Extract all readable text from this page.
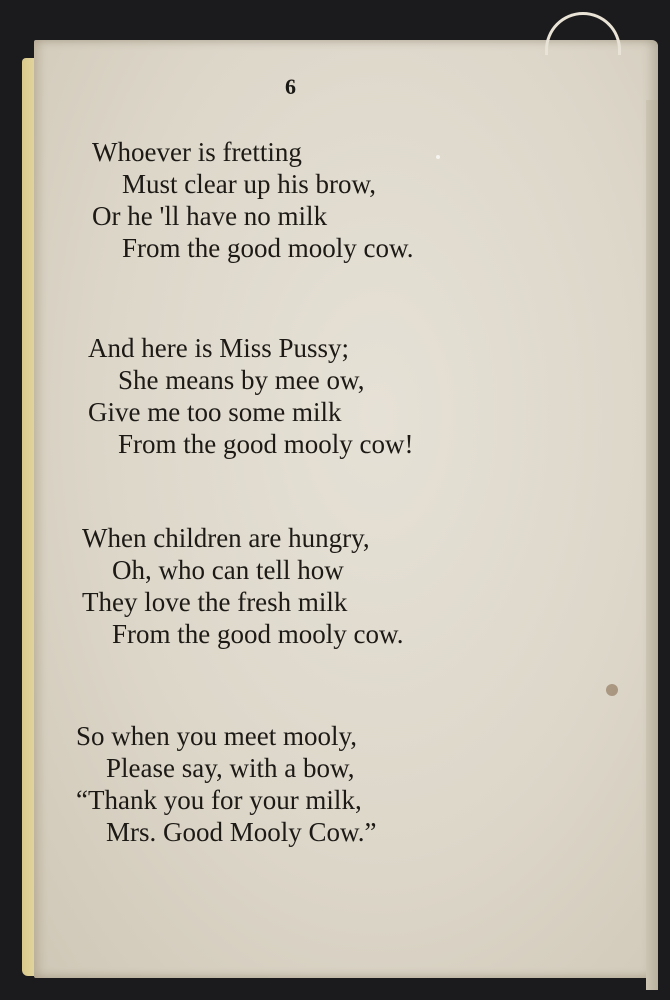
6
Whoever is fretting
Must clear up his brow,
Or he 'll have no milk
From the good mooly cow.
And here is Miss Pussy;
She means by mee ow,
Give me too some milk
From the good mooly cow!
When children are hungry,
Oh, who can tell how
They love the fresh milk
From the good mooly cow.
So when you meet mooly,
Please say, with a bow,
“Thank you for your milk,
Mrs. Good Mooly Cow.”
